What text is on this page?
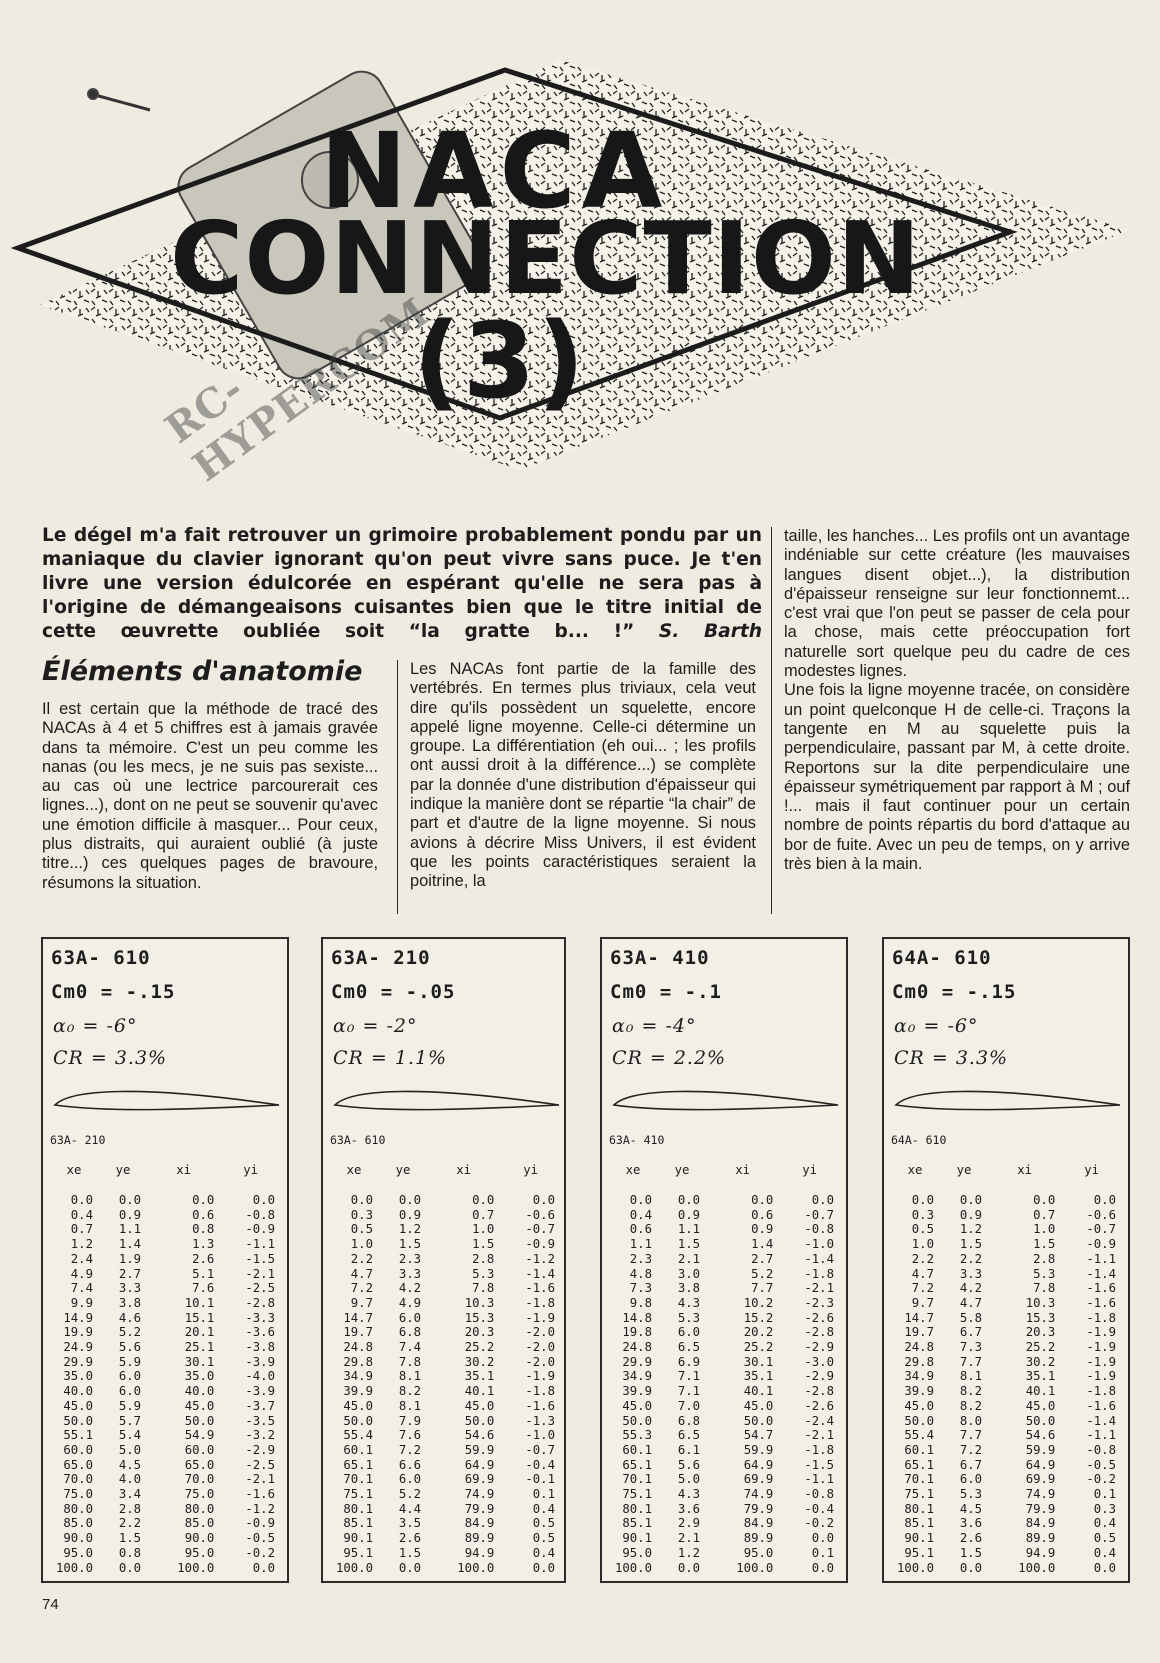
NACA
CONNECTION
(3)
RC-HYPERCOM
Le dégel m'a fait retrouver un grimoire probablement pondu par un maniaque du clavier ignorant qu'on peut vivre sans puce. Je t'en livre une version édulcorée en espérant qu'elle ne sera pas à l'origine de démangeaisons cuisantes bien que le titre initial de cette œuvrette oubliée soit “la gratte b... !” S. Barth
Éléments d'anatomie

Il est certain que la méthode de tracé des NACAs à 4 et 5 chiffres est à jamais gravée dans ta mémoire. C'est un peu comme les nanas (ou les mecs, je ne suis pas sexiste... au cas où une lectrice parcourerait ces lignes...), dont on ne peut se souvenir qu'avec une émotion difficile à masquer... Pour ceux, plus distraits, qui auraient oublié (à juste titre...) ces quelques pages de bravoure, résumons la situation.

Les NACAs font partie de la famille des vertébrés. En termes plus triviaux, cela veut dire qu'ils possèdent un squelette, encore appelé ligne moyenne. Celle-ci détermine un groupe. La différentiation (eh oui... ; les profils ont aussi droit à la différence...) se complète par la donnée d'une distribution d'épaisseur qui indique la manière dont se répartie “la chair” de part et d'autre de la ligne moyenne. Si nous avions à décrire Miss Univers, il est évident que les points caractéristiques seraient la poitrine, la

taille, les hanches... Les profils ont un avantage indéniable sur cette créature (les mauvaises langues disent objet...), la distribution d'épaisseur renseigne sur leur fonctionnemt... c'est vrai que l'on peut se passer de cela pour la chose, mais cette préoccupation fort naturelle sort quelque peu du cadre de ces modestes lignes.

Une fois la ligne moyenne tracée, on considère un point quelconque H de celle-ci. Traçons la tangente en M au squelette puis la perpendiculaire, passant par M, à cette droite. Reportons sur la dite perpendiculaire une épaisseur symétriquement par rapport à M ; ouf !... mais il faut continuer pour un certain nombre de points répartis du bord d'attaque au bor de fuite. Avec un peu de temps, on y arrive très bien à la main.

63A- 610
Cm0 = -.15
α₀ = -6°
CR = 3.3%
63A- 210
xe	ye	xi	yi
0.0	0.0	0.0	0.0
0.4	0.9	0.6	-0.8
0.7	1.1	0.8	-0.9
1.2	1.4	1.3	-1.1
2.4	1.9	2.6	-1.5
4.9	2.7	5.1	-2.1
7.4	3.3	7.6	-2.5
9.9	3.8	10.1	-2.8
14.9	4.6	15.1	-3.3
19.9	5.2	20.1	-3.6
24.9	5.6	25.1	-3.8
29.9	5.9	30.1	-3.9
35.0	6.0	35.0	-4.0
40.0	6.0	40.0	-3.9
45.0	5.9	45.0	-3.7
50.0	5.7	50.0	-3.5
55.1	5.4	54.9	-3.2
60.0	5.0	60.0	-2.9
65.0	4.5	65.0	-2.5
70.0	4.0	70.0	-2.1
75.0	3.4	75.0	-1.6
80.0	2.8	80.0	-1.2
85.0	2.2	85.0	-0.9
90.0	1.5	90.0	-0.5
95.0	0.8	95.0	-0.2
100.0	0.0	100.0	0.0
63A- 210
Cm0 = -.05
α₀ = -2°
CR = 1.1%
63A- 610
xe	ye	xi	yi
0.0	0.0	0.0	0.0
0.3	0.9	0.7	-0.6
0.5	1.2	1.0	-0.7
1.0	1.5	1.5	-0.9
2.2	2.3	2.8	-1.2
4.7	3.3	5.3	-1.4
7.2	4.2	7.8	-1.6
9.7	4.9	10.3	-1.8
14.7	6.0	15.3	-1.9
19.7	6.8	20.3	-2.0
24.8	7.4	25.2	-2.0
29.8	7.8	30.2	-2.0
34.9	8.1	35.1	-1.9
39.9	8.2	40.1	-1.8
45.0	8.1	45.0	-1.6
50.0	7.9	50.0	-1.3
55.4	7.6	54.6	-1.0
60.1	7.2	59.9	-0.7
65.1	6.6	64.9	-0.4
70.1	6.0	69.9	-0.1
75.1	5.2	74.9	0.1
80.1	4.4	79.9	0.4
85.1	3.5	84.9	0.5
90.1	2.6	89.9	0.5
95.1	1.5	94.9	0.4
100.0	0.0	100.0	0.0
63A- 410
Cm0 = -.1
α₀ = -4°
CR = 2.2%
63A- 410
xe	ye	xi	yi
0.0	0.0	0.0	0.0
0.4	0.9	0.6	-0.7
0.6	1.1	0.9	-0.8
1.1	1.5	1.4	-1.0
2.3	2.1	2.7	-1.4
4.8	3.0	5.2	-1.8
7.3	3.8	7.7	-2.1
9.8	4.3	10.2	-2.3
14.8	5.3	15.2	-2.6
19.8	6.0	20.2	-2.8
24.8	6.5	25.2	-2.9
29.9	6.9	30.1	-3.0
34.9	7.1	35.1	-2.9
39.9	7.1	40.1	-2.8
45.0	7.0	45.0	-2.6
50.0	6.8	50.0	-2.4
55.3	6.5	54.7	-2.1
60.1	6.1	59.9	-1.8
65.1	5.6	64.9	-1.5
70.1	5.0	69.9	-1.1
75.1	4.3	74.9	-0.8
80.1	3.6	79.9	-0.4
85.1	2.9	84.9	-0.2
90.1	2.1	89.9	0.0
95.0	1.2	95.0	0.1
100.0	0.0	100.0	0.0
64A- 610
Cm0 = -.15
α₀ = -6°
CR = 3.3%
64A- 610
xe	ye	xi	yi
0.0	0.0	0.0	0.0
0.3	0.9	0.7	-0.6
0.5	1.2	1.0	-0.7
1.0	1.5	1.5	-0.9
2.2	2.2	2.8	-1.1
4.7	3.3	5.3	-1.4
7.2	4.2	7.8	-1.6
9.7	4.7	10.3	-1.6
14.7	5.8	15.3	-1.8
19.7	6.7	20.3	-1.9
24.8	7.3	25.2	-1.9
29.8	7.7	30.2	-1.9
34.9	8.1	35.1	-1.9
39.9	8.2	40.1	-1.8
45.0	8.2	45.0	-1.6
50.0	8.0	50.0	-1.4
55.4	7.7	54.6	-1.1
60.1	7.2	59.9	-0.8
65.1	6.7	64.9	-0.5
70.1	6.0	69.9	-0.2
75.1	5.3	74.9	0.1
80.1	4.5	79.9	0.3
85.1	3.6	84.9	0.4
90.1	2.6	89.9	0.5
95.1	1.5	94.9	0.4
100.0	0.0	100.0	0.0
74
